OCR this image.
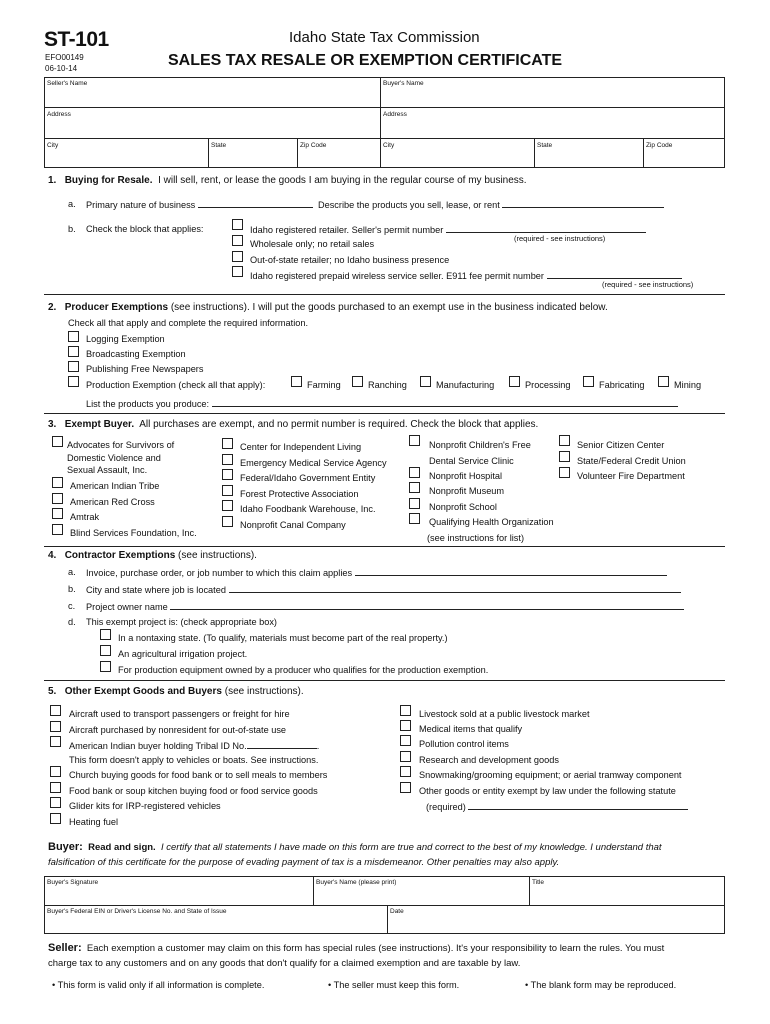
ST-101
EFO00149
06-10-14
Idaho State Tax Commission
SALES TAX RESALE OR EXEMPTION CERTIFICATE
Seller's Name	Buyer's Name
Address	Address
City	State	Zip Code	City	State	Zip Code
1. Buying for Resale. I will sell, rent, or lease the goods I am buying in the regular course of my business.
a. Primary nature of business	Describe the products you sell, lease, or rent
b. Check the block that applies:	Idaho registered retailer. Seller's permit number
(required - see instructions)
Wholesale only; no retail sales
Out-of-state retailer; no Idaho business presence
Idaho registered prepaid wireless service seller. E911 fee permit number
(required - see instructions)
2. Producer Exemptions (see instructions). I will put the goods purchased to an exempt use in the business indicated below.
Check all that apply and complete the required information.
Logging Exemption
Broadcasting Exemption
Publishing Free Newspapers
Production Exemption (check all that apply):	Farming	Ranching	Manufacturing	Processing	Fabricating	Mining
List the products you produce:
3. Exempt Buyer. All purchases are exempt, and no permit number is required. Check the block that applies.
Advocates for Survivors of
Domestic Violence and
Sexual Assault, Inc.
American Indian Tribe
American Red Cross
Amtrak
Blind Services Foundation, Inc.
Center for Independent Living
Emergency Medical Service Agency
Federal/Idaho Government Entity
Forest Protective Association
Idaho Foodbank Warehouse, Inc.
Nonprofit Canal Company
Nonprofit Children's Free
Dental Service Clinic
Nonprofit Hospital
Nonprofit Museum
Nonprofit School
Qualifying Health Organization
(see instructions for list)
Senior Citizen Center
State/Federal Credit Union
Volunteer Fire Department
4. Contractor Exemptions (see instructions).
a. Invoice, purchase order, or job number to which this claim applies
b. City and state where job is located
c. Project owner name
d. This exempt project is: (check appropriate box)
In a nontaxing state. (To qualify, materials must become part of the real property.)
An agricultural irrigation project.
For production equipment owned by a producer who qualifies for the production exemption.
5. Other Exempt Goods and Buyers (see instructions).
Aircraft used to transport passengers or freight for hire
Aircraft purchased by nonresident for out-of-state use
American Indian buyer holding Tribal ID No.	.
This form doesn't apply to vehicles or boats. See instructions.
Church buying goods for food bank or to sell meals to members
Food bank or soup kitchen buying food or food service goods
Glider kits for IRP-registered vehicles
Heating fuel
Livestock sold at a public livestock market
Medical items that qualify
Pollution control items
Research and development goods
Snowmaking/grooming equipment; or aerial tramway component
Other goods or entity exempt by law under the following statute
(required)
Buyer: Read and sign. I certify that all statements I have made on this form are true and correct to the best of my knowledge. I understand that
falsification of this certificate for the purpose of evading payment of tax is a misdemeanor. Other penalties may also apply.
Buyer's Signature	Buyer's Name (please print)	Title
Buyer's Federal EIN or Driver's License No. and State of Issue	Date
Seller: Each exemption a customer may claim on this form has special rules (see instructions). It's your responsibility to learn the rules. You must
charge tax to any customers and on any goods that don't qualify for a claimed exemption and are taxable by law.
• This form is valid only if all information is complete.	• The seller must keep this form.	• The blank form may be reproduced.
